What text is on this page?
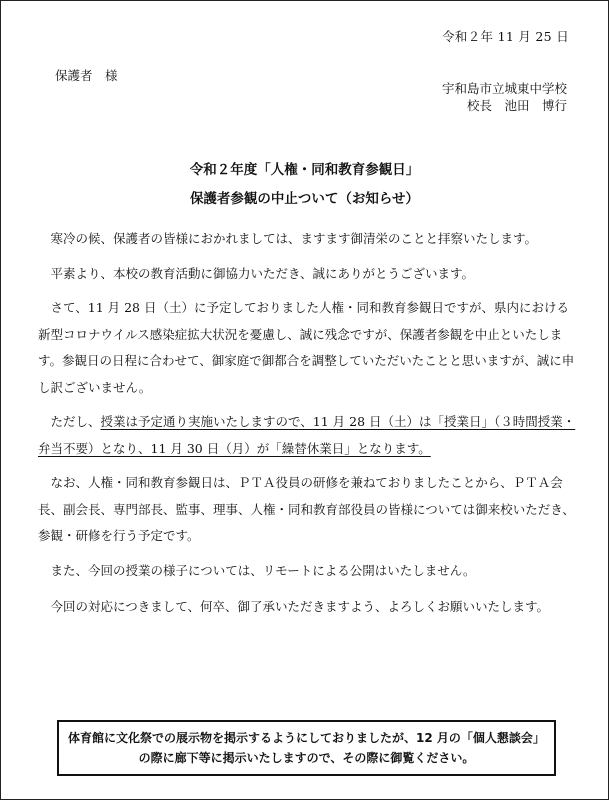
令和２年 11 月 25 日
保護者　様
宇和島市立城東中学校
校長　池田　博行
令和２年度「人権・同和教育参観日」
保護者参観の中止ついて（お知らせ）

寒冷の候、保護者の皆様におかれましては、ますます御清栄のことと拝察いたします。

平素より、本校の教育活動に御協力いただき、誠にありがとうございます。

さて、11 月 28 日（土）に予定しておりました人権・同和教育参観日ですが、県内における新型コロナウイルス感染症拡大状況を憂慮し、誠に残念ですが、保護者参観を中止といたします。参観日の日程に合わせて、御家庭で御都合を調整していただいたことと思いますが、誠に申し訳ございません。

ただし、授業は予定通り実施いたしますので、11 月 28 日（土）は「授業日」（３時間授業・弁当不要）となり、11 月 30 日（月）が「繰替休業日」となります。

なお、人権・同和教育参観日は、ＰＴＡ役員の研修を兼ねておりましたことから、ＰＴＡ会長、副会長、専門部長、監事、理事、人権・同和教育部役員の皆様については御来校いただき、参観・研修を行う予定です。

また、今回の授業の様子については、リモートによる公開はいたしません。

今回の対応につきまして、何卒、御了承いただきますよう、よろしくお願いいたします。

体育館に文化祭での展示物を掲示するようにしておりましたが、12 月の「個人懇談会」
の際に廊下等に掲示いたしますので、その際に御覧ください。
